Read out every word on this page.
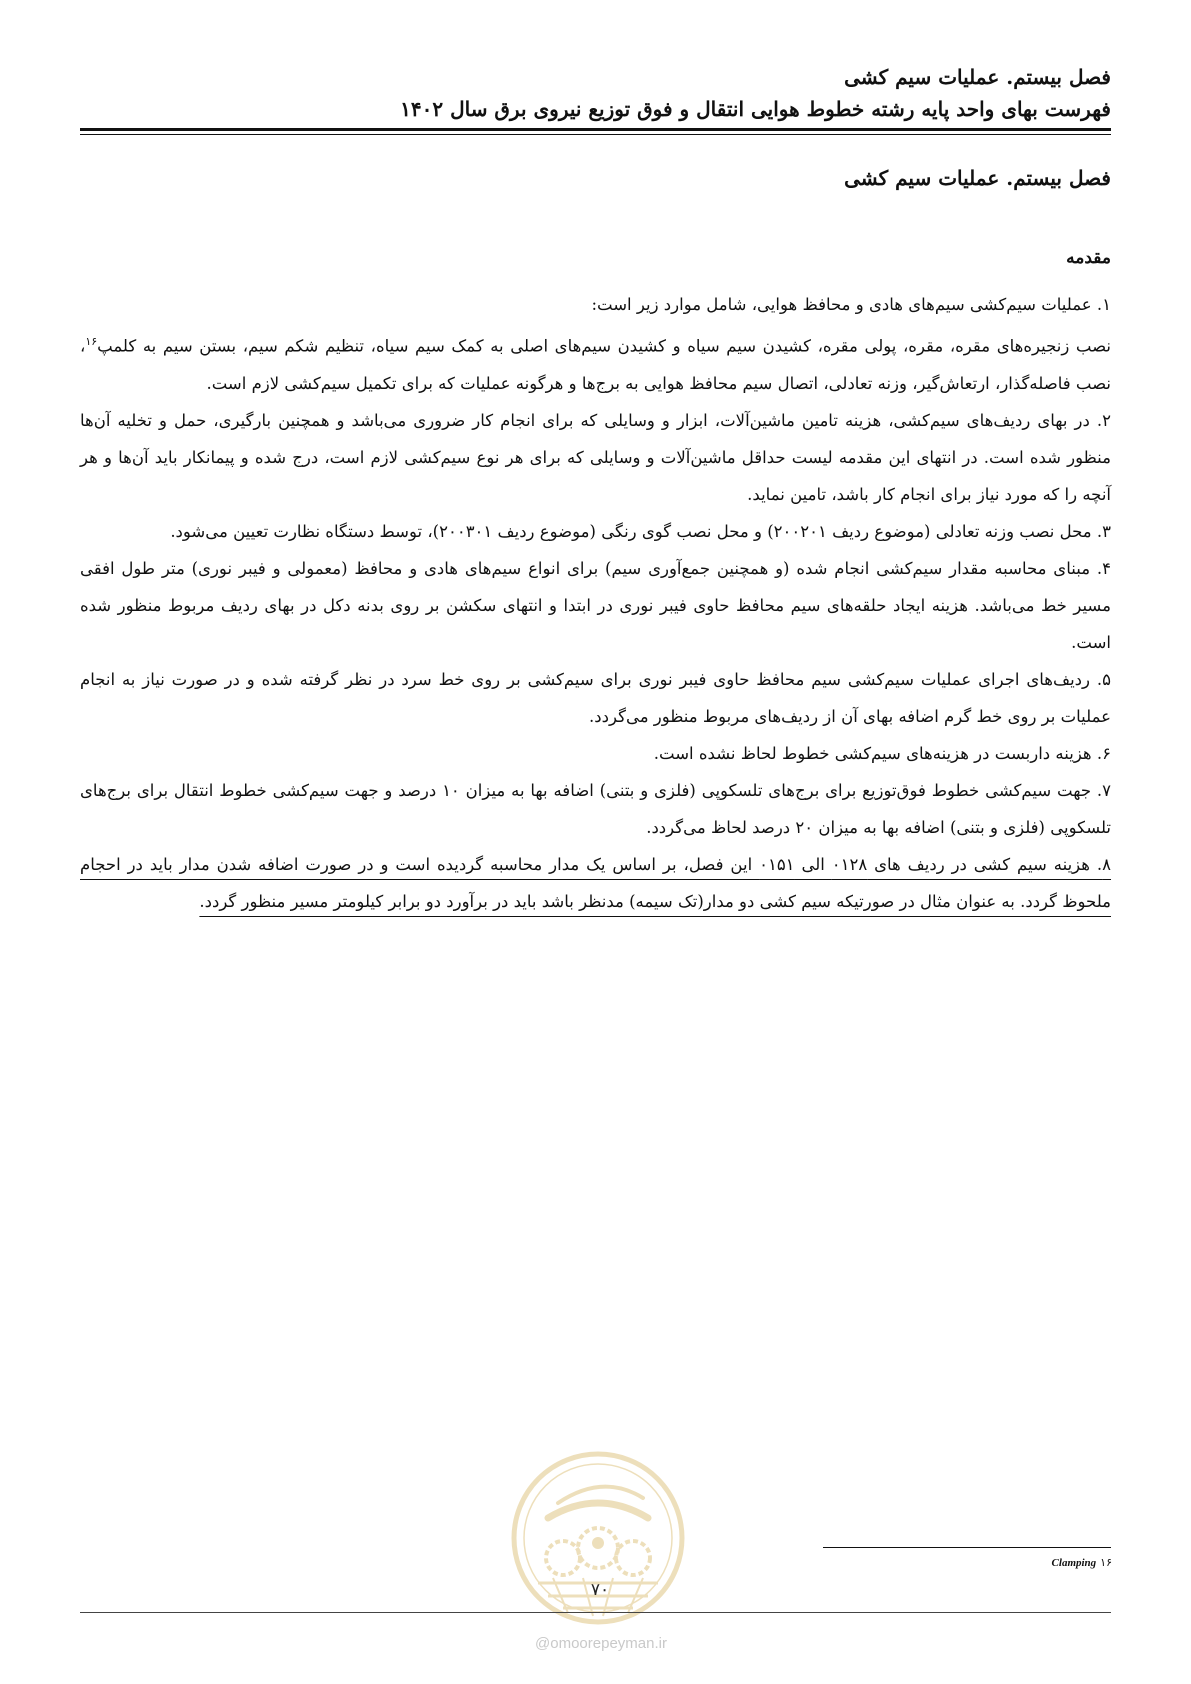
فصل بیستم. عملیات سیم کشی
فهرست بهای واحد پایه رشته خطوط هوایی انتقال و فوق توزیع نیروی برق سال ۱۴۰۲
فصل بیستم. عملیات سیم کشی
مقدمه

۱. عملیات سیم‌کشی سیم‌های هادی و محافظ هوایی، شامل موارد زیر است:

نصب زنجیره‌های مقره، مقره، پولی مقره، کشیدن سیم سیاه و کشیدن سیم‌های اصلی به کمک سیم سیاه، تنظیم شکم سیم، بستن سیم به کلمپ$^{۱۶}$، نصب فاصله‌گذار، ارتعاش‌گیر، وزنه تعادلی، اتصال سیم محافظ هوایی به برج‌ها و هرگونه عملیات که برای تکمیل سیم‌کشی لازم است.

۲. در بهای ردیف‌های سیم‌کشی، هزینه تامین ماشین‌آلات، ابزار و وسایلی که برای انجام کار ضروری می‌باشد و همچنین بارگیری، حمل و تخلیه آن‌ها منظور شده است. در انتهای این مقدمه لیست حداقل ماشین‌آلات و وسایلی که برای هر نوع سیم‌کشی لازم است، درج شده و پیمانکار باید آن‌ها و هر آنچه را که مورد نیاز برای انجام کار باشد، تامین نماید.

۳. محل نصب وزنه تعادلی (موضوع ردیف ۲۰۰۲۰۱) و محل نصب گوی رنگی (موضوع ردیف ۲۰۰۳۰۱)، توسط دستگاه نظارت تعیین می‌شود.

۴. مبنای محاسبه مقدار سیم‌کشی انجام شده (و همچنین جمع‌آوری سیم) برای انواع سیم‌های هادی و محافظ (معمولی و فیبر نوری) متر طول افقی مسیر خط می‌باشد. هزینه ایجاد حلقه‌های سیم محافظ حاوی فیبر نوری در ابتدا و انتهای سکشن بر روی بدنه دکل در بهای ردیف مربوط منظور شده است.

۵. ردیف‌های اجرای عملیات سیم‌کشی سیم محافظ حاوی فیبر نوری برای سیم‌کشی بر روی خط سرد در نظر گرفته شده و در صورت نیاز به انجام عملیات بر روی خط گرم اضافه بهای آن از ردیف‌های مربوط منظور می‌گردد.

۶. هزینه داربست در هزینه‌های سیم‌کشی خطوط لحاظ نشده است.

۷. جهت سیم‌کشی خطوط فوق‌توزیع برای برج‌های تلسکوپی (فلزی و بتنی) اضافه بها به میزان ۱۰ درصد و جهت سیم‌کشی خطوط انتقال برای برج‌های تلسکوپی (فلزی و بتنی) اضافه بها به میزان ۲۰ درصد لحاظ می‌گردد.

۸. هزینه سیم کشی در ردیف های ۰۱۲۸ الی ۰۱۵۱ این فصل، بر اساس یک مدار محاسبه گردیده است و در صورت اضافه شدن مدار باید در احجام ملحوظ گردد. به عنوان مثال در صورتیکه سیم کشی دو مدار(تک سیمه) مدنظر باشد باید در برآورد دو برابر کیلومتر مسیر منظور گردد.

Clamping ۱۶
۷۰
@omoorepeyman.ir
